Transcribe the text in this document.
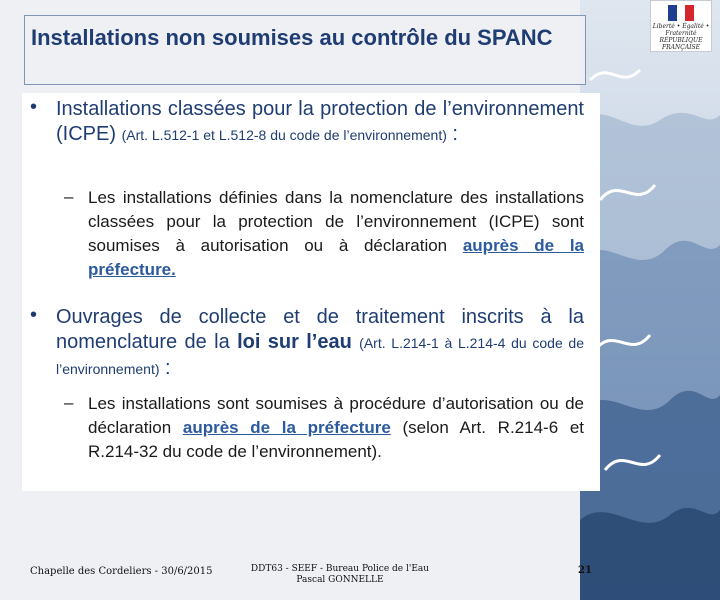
Liberté • Égalité • Fraternité
RÉPUBLIQUE FRANÇAISE
Installations non soumises au contrôle du SPANC
• Installations classées pour la protection de l’environnement (ICPE) (Art. L.512-1 et L.512-8 du code de l’environnement) :
– Les installations définies dans la nomenclature des installations classées pour la protection de l’environnement (ICPE) sont soumises à autorisation ou à déclaration auprès de la préfecture.
• Ouvrages de collecte et de traitement inscrits à la nomenclature de la loi sur l’eau (Art. L.214-1 à L.214-4 du code de l’environnement) :
– Les installations sont soumises à procédure d’autorisation ou de déclaration auprès de la préfecture (selon Art. R.214-6 et R.214-32 du code de l’environnement).
Chapelle des Cordeliers - 30/6/2015	DDT63 - SEEF - Bureau Police de l'Eau
Pascal GONNELLE
21
